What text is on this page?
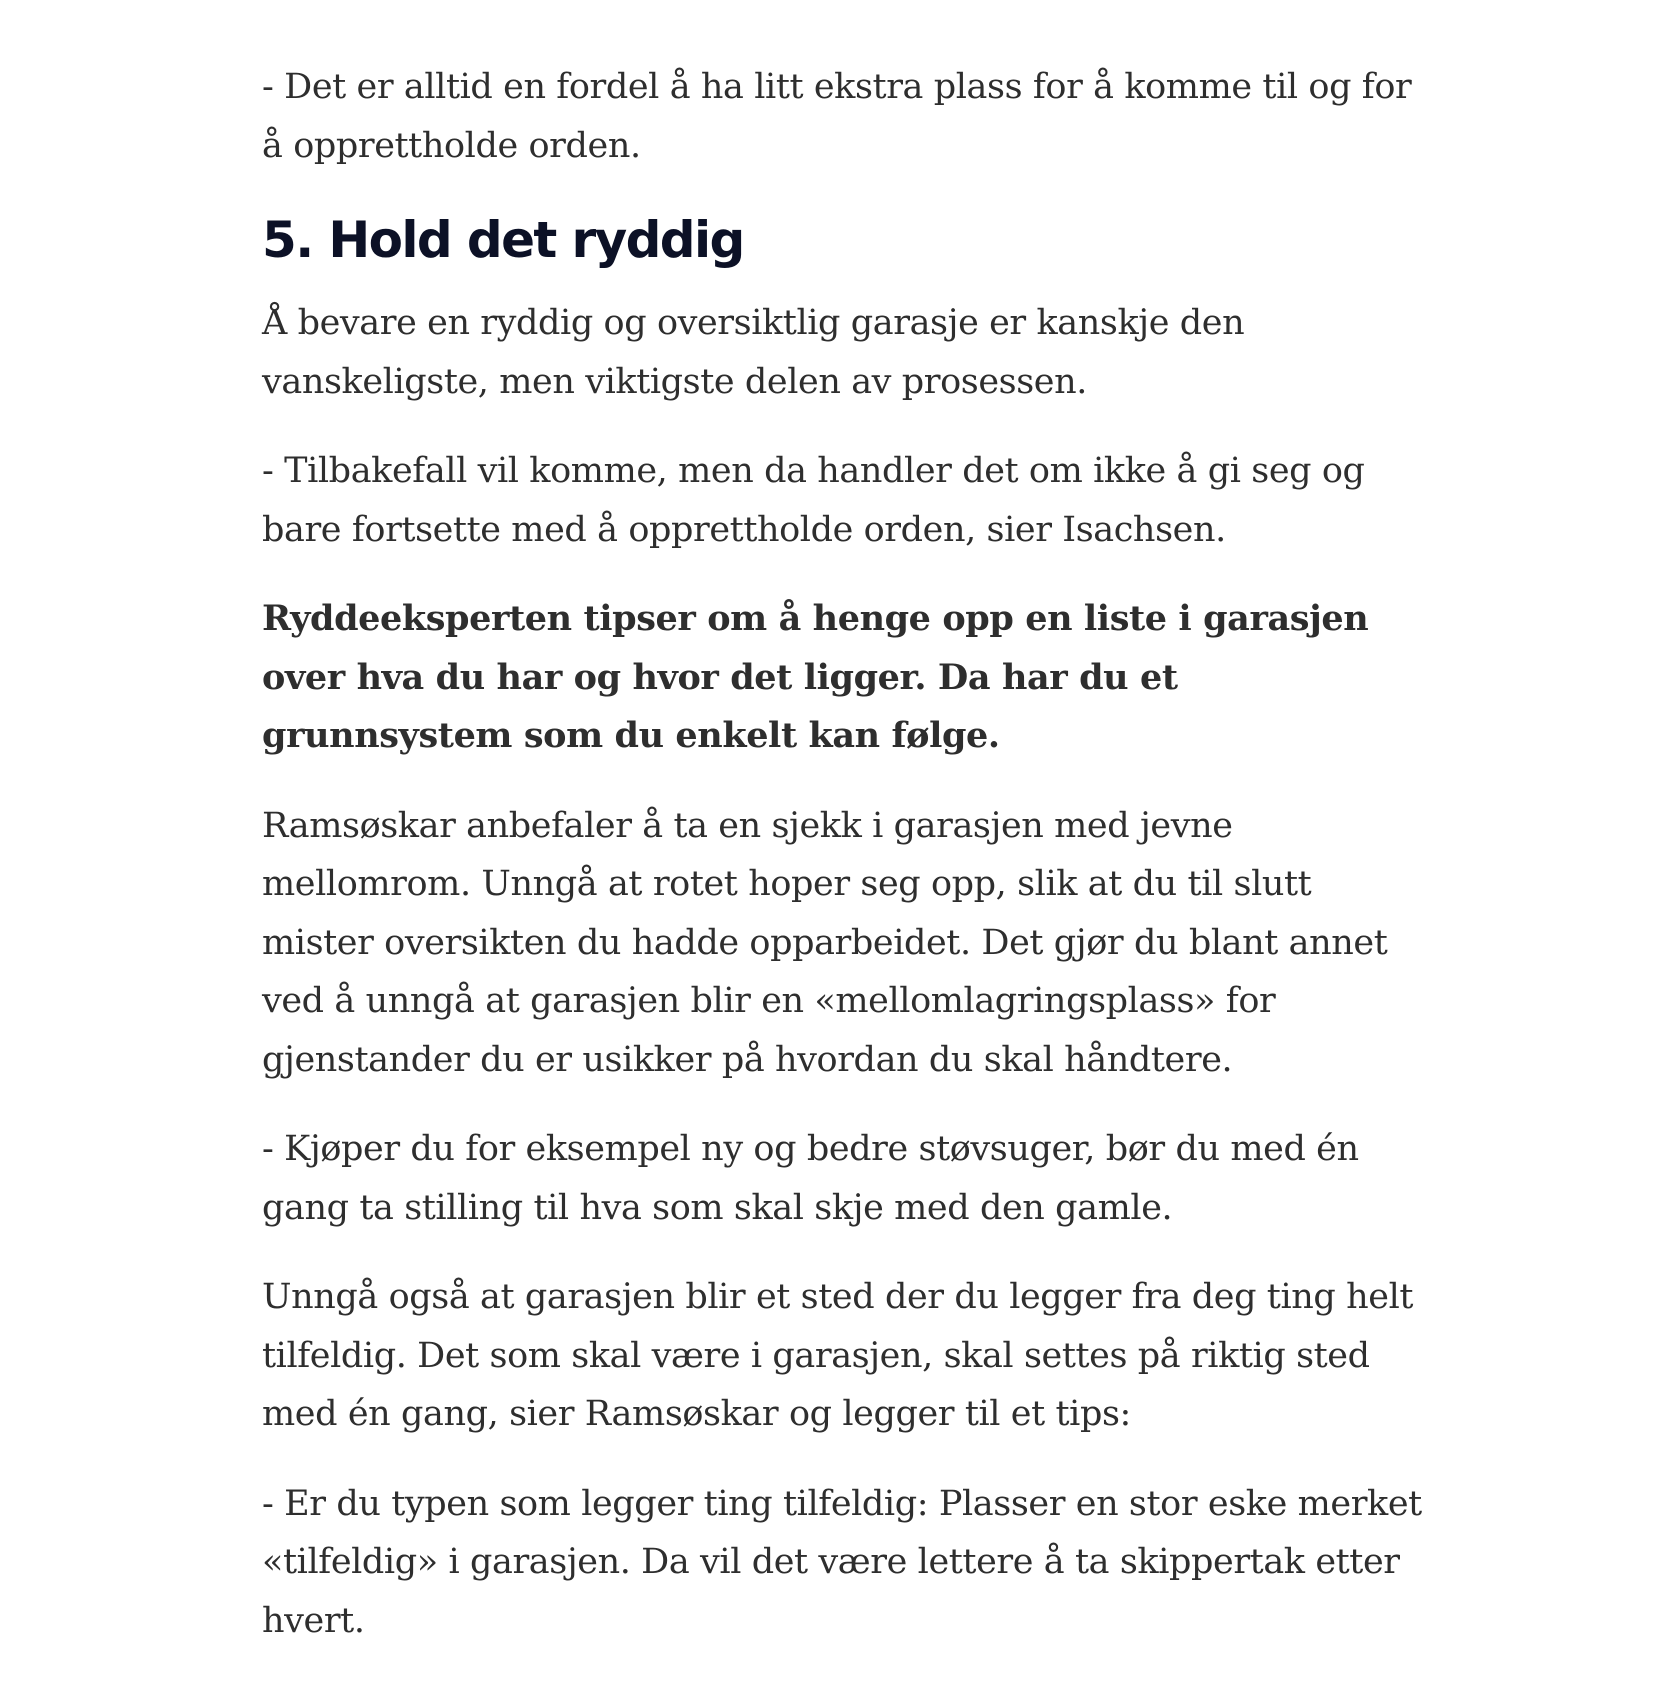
- Det er alltid en fordel å ha litt ekstra plass for å komme til og for å opprettholde orden.

5. Hold det ryddig

Å bevare en ryddig og oversiktlig garasje er kanskje den vanskeligste, men viktigste delen av prosessen.

- Tilbakefall vil komme, men da handler det om ikke å gi seg og bare fortsette med å opprettholde orden, sier Isachsen.

Ryddeeksperten tipser om å henge opp en liste i garasjen over hva du har og hvor det ligger. Da har du et grunnsystem som du enkelt kan følge.

Ramsøskar anbefaler å ta en sjekk i garasjen med jevne mellomrom. Unngå at rotet hoper seg opp, slik at du til slutt mister oversikten du hadde opparbeidet. Det gjør du blant annet ved å unngå at garasjen blir en «mellomlagringsplass» for gjenstander du er usikker på hvordan du skal håndtere.

- Kjøper du for eksempel ny og bedre støvsuger, bør du med én gang ta stilling til hva som skal skje med den gamle.

Unngå også at garasjen blir et sted der du legger fra deg ting helt tilfeldig. Det som skal være i garasjen, skal settes på riktig sted med én gang, sier Ramsøskar og legger til et tips:

- Er du typen som legger ting tilfeldig: Plasser en stor eske merket «tilfeldig» i garasjen. Da vil det være lettere å ta skippertak etter hvert.
